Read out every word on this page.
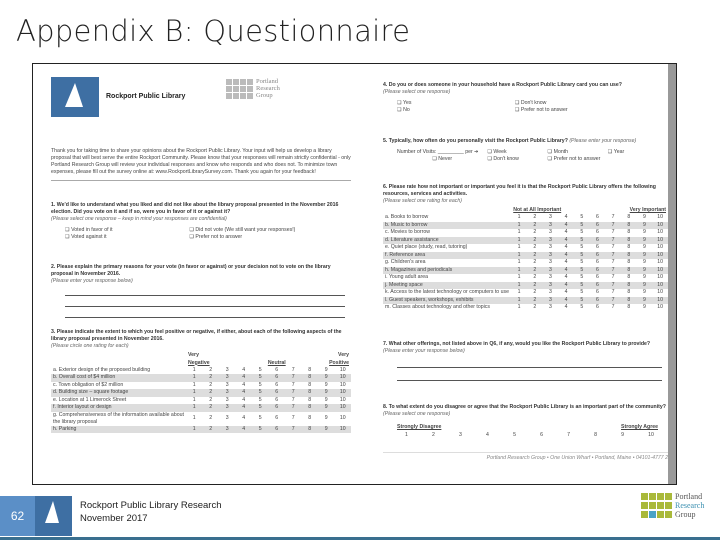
Appendix B: Questionnaire
Rockport Public Library
Portland
Research
Group
Thank you for taking time to share your opinions about the Rockport Public Library. Your input will help us develop a library proposal that will best serve the entire Rockport Community. Please know that your responses will remain strictly confidential - only Portland Research Group will review your individual responses and know who responds and who does not. To minimize town expenses, please fill out the survey online at: www.RockportLibrarySurvey.com. Thank you again for your feedback!
1. We'd like to understand what you liked and did not like about the library proposal presented in the November 2016 election. Did you vote on it and if so, were you in favor of it or against it?
(Please select one response – keep in mind your responses are confidential)
❑ Voted in favor of it	❑ Did not vote (We still want your responses!)
❑ Voted against it	❑ Prefer not to answer
2. Please explain the primary reasons for your vote (in favor or against) or your decision not to vote on the library proposal in November 2016.
(Please enter your response below)
3. Please indicate the extent to which you feel positive or negative, if either, about each of the following aspects of the library proposal presented in November 2016.
(Please circle one rating for each)
	Very								Very	
	Negative				Neutral				Positive	
a. Exterior design of the proposed building	1	2	3	4	5	6	7	8	9	10
b. Overall cost of $4 million	1	2	3	4	5	6	7	8	9	10
c. Town obligation of $2 million	1	2	3	4	5	6	7	8	9	10
d. Building size – square footage	1	2	3	4	5	6	7	8	9	10
e. Location at 1 Limerock Street	1	2	3	4	5	6	7	8	9	10
f. Interior layout or design	1	2	3	4	5	6	7	8	9	10
g. Comprehensiveness of the information available about the library proposal	1	2	3	4	5	6	7	8	9	10
h. Parking	1	2	3	4	5	6	7	8	9	10
4. Do you or does someone in your household have a Rockport Public Library card you can use?
(Please select one response)
❑ Yes	❑ Don't know
❑ No	❑ Prefer not to answer
5. Typically, how often do you personally visit the Rockport Public Library? (Please enter your response)
Number of Visits: _________ per ➔	❑ Week	❑ Month	❑ Year
❑ Never	❑ Don't know	❑ Prefer not to answer
6. Please rate how not important or important you feel it is that the Rockport Public Library offers the following resources, services and activities.
(Please select one rating for each)
	Not at All Important							Very Important		
a. Books to borrow	1	2	3	4	5	6	7	8	9	10
b. Music to borrow	1	2	3	4	5	6	7	8	9	10
c. Movies to borrow	1	2	3	4	5	6	7	8	9	10
d. Literature assistance	1	2	3	4	5	6	7	8	9	10
e. Quiet place (study, read, tutoring)	1	2	3	4	5	6	7	8	9	10
f. Reference area	1	2	3	4	5	6	7	8	9	10
g. Children's area	1	2	3	4	5	6	7	8	9	10
h. Magazines and periodicals	1	2	3	4	5	6	7	8	9	10
i. Young adult area	1	2	3	4	5	6	7	8	9	10
j. Meeting space	1	2	3	4	5	6	7	8	9	10
k. Access to the latest technology or computers to use	1	2	3	4	5	6	7	8	9	10
l. Guest speakers, workshops, exhibits	1	2	3	4	5	6	7	8	9	10
m. Classes about technology and other topics	1	2	3	4	5	6	7	8	9	10
7. What other offerings, not listed above in Q6, if any, would you like the Rockport Public Library to provide? (Please enter your response below)
8. To what extent do you disagree or agree that the Rockport Public Library is an important part of the community?
(Please select one response)
Strongly Disagree	Strongly Agree
1	2	3	4	5	6	7	8	9	10
Portland Research Group • One Union Wharf • Portland, Maine • 04101-4777 2
62
Rockport Public Library Research
November 2017
Portland
Research
Group
